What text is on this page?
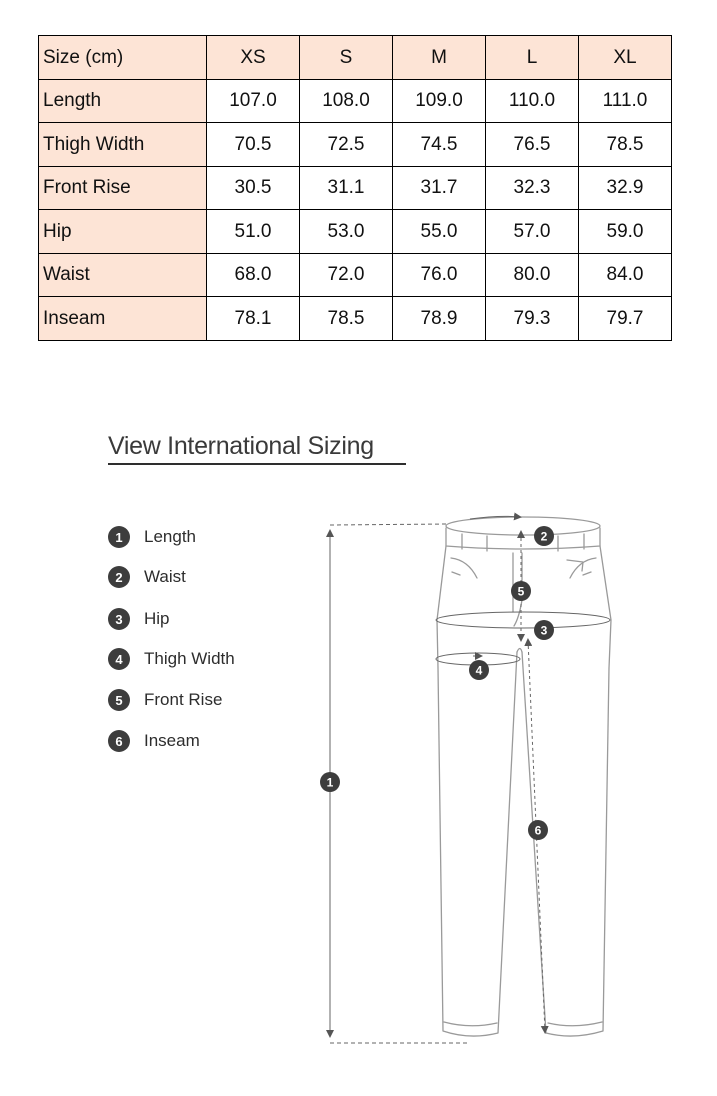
Size (cm)	XS	S	M	L	XL
Length	107.0	108.0	109.0	110.0	111.0
Thigh Width	70.5	72.5	74.5	76.5	78.5
Front Rise	30.5	31.1	31.7	32.3	32.9
Hip	51.0	53.0	55.0	57.0	59.0
Waist	68.0	72.0	76.0	80.0	84.0
Inseam	78.1	78.5	78.9	79.3	79.7
View International Sizing
1	Length
2	Waist
3	Hip
4	Thigh Width
5	Front Rise
6	Inseam
1
2
3
4
5
6
